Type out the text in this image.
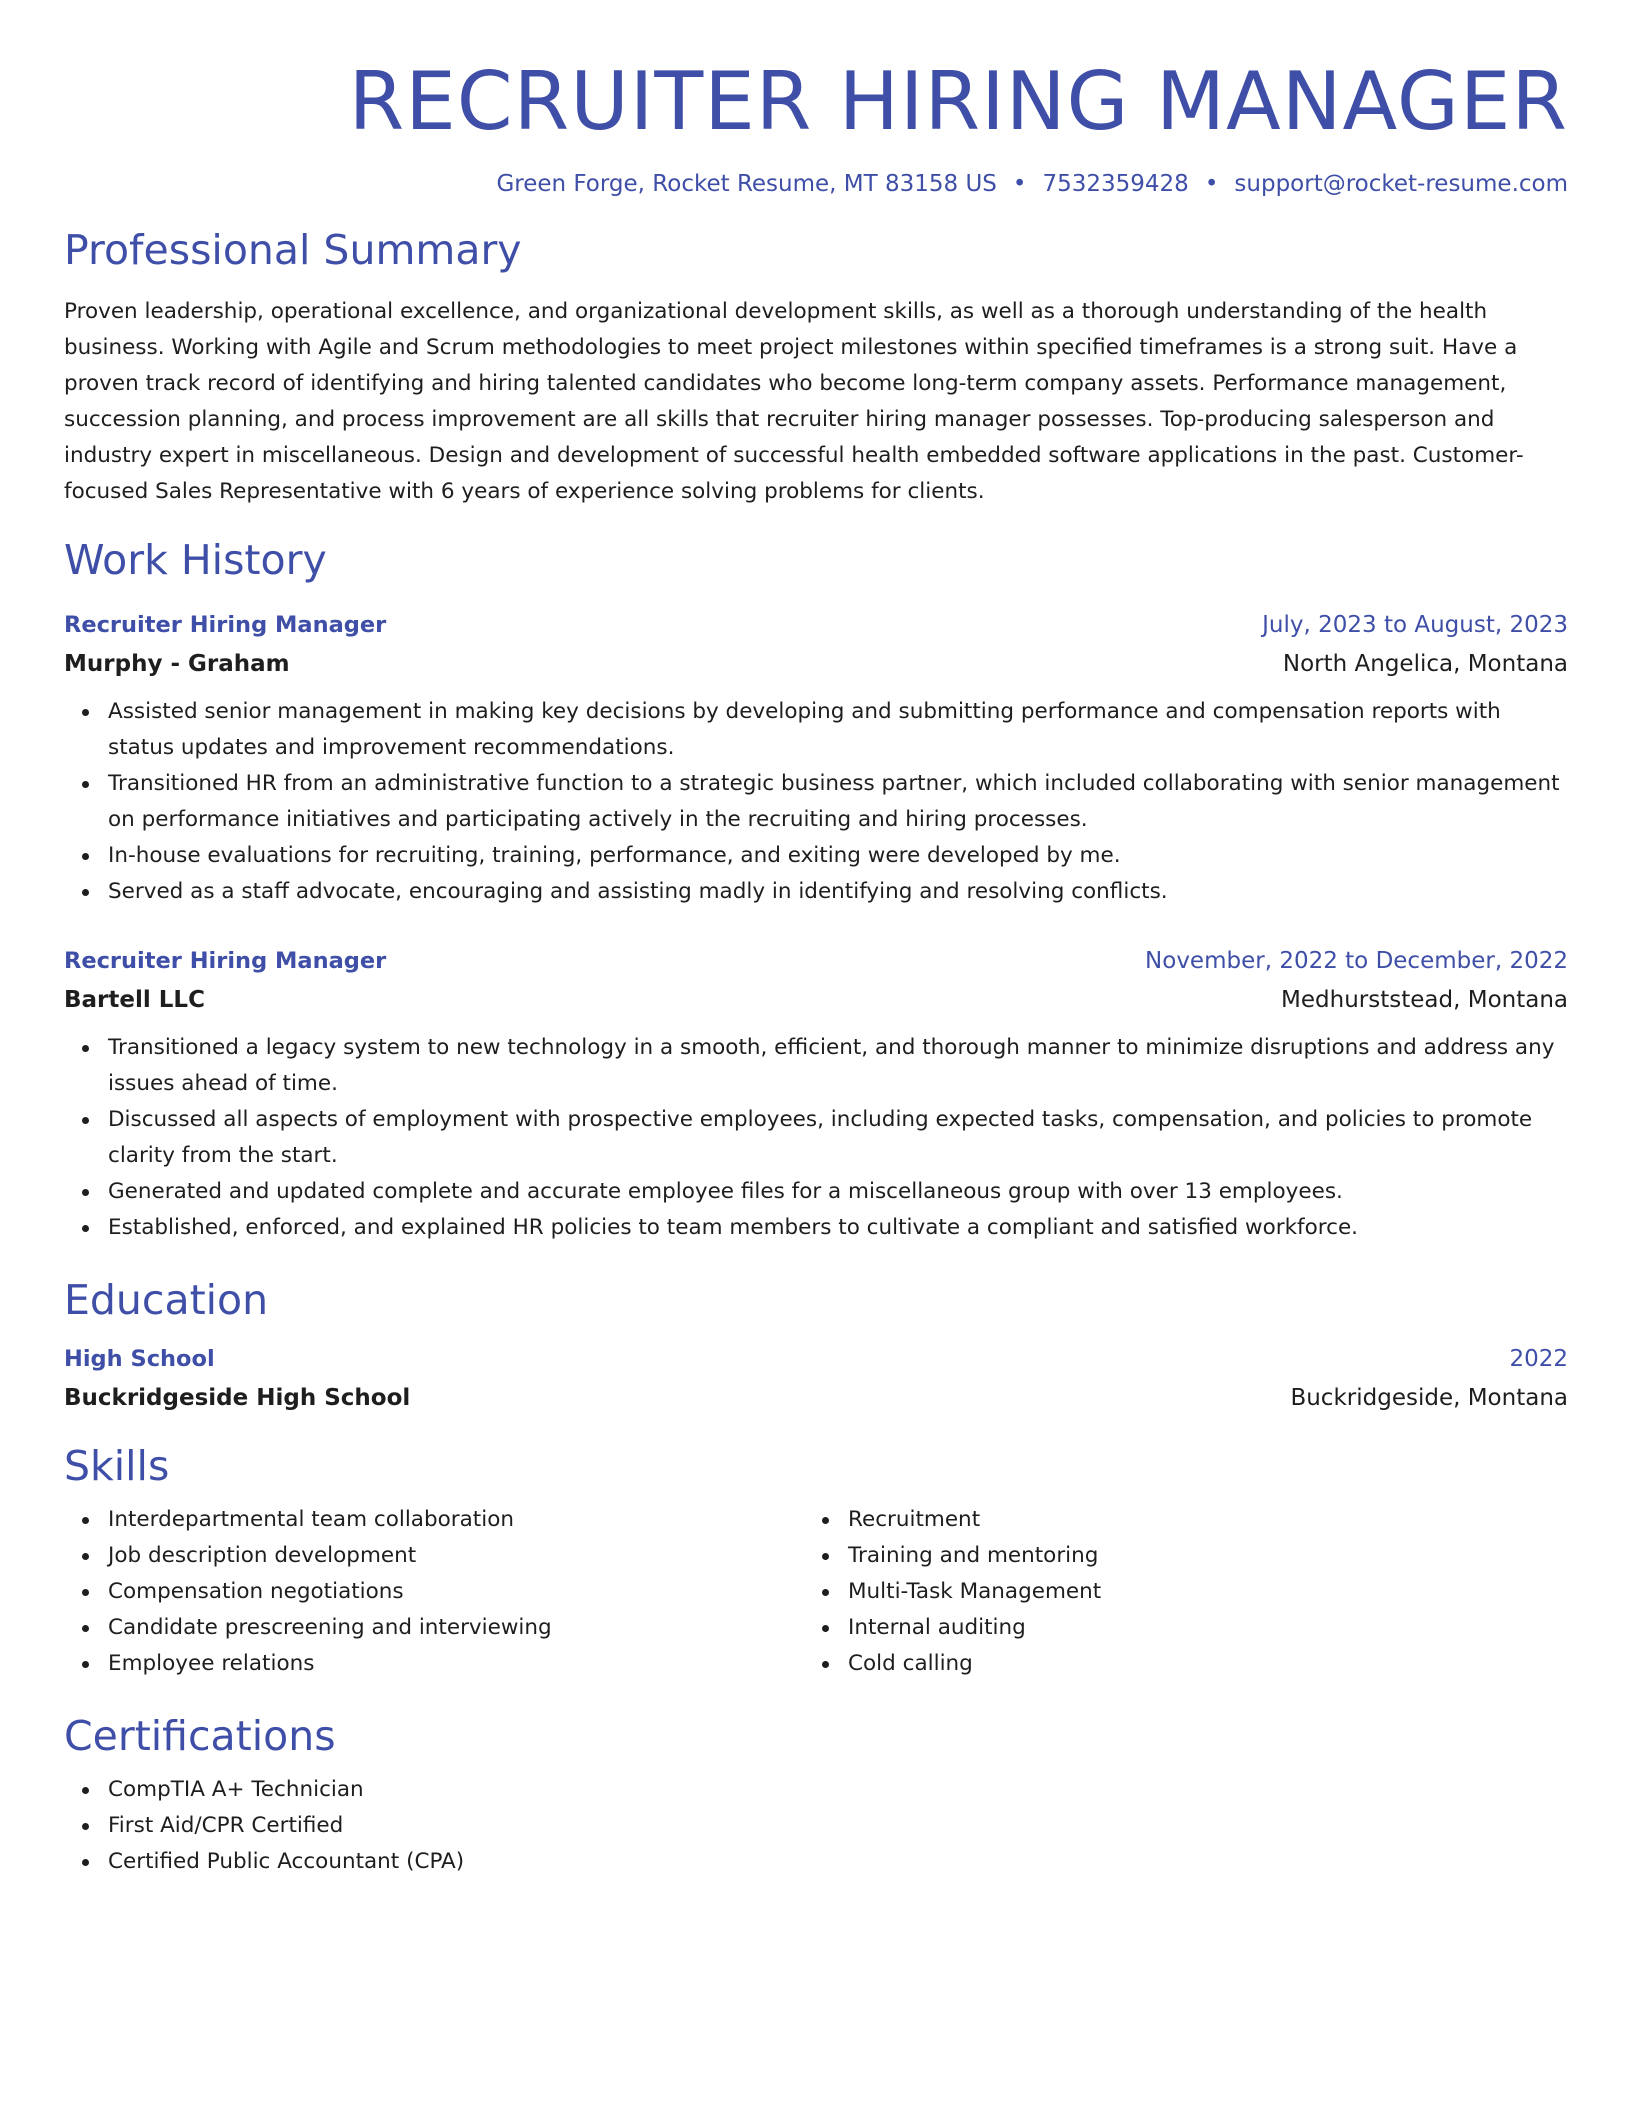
RECRUITER HIRING MANAGER
Green Forge, Rocket Resume, MT 83158 US • 7532359428 • support@rocket-resume.com
Professional Summary

Proven leadership, operational excellence, and organizational development skills, as well as a thorough understanding of the health business. Working with Agile and Scrum methodologies to meet project milestones within specified timeframes is a strong suit. Have a proven track record of identifying and hiring talented candidates who become long-term company assets. Performance management, succession planning, and process improvement are all skills that recruiter hiring manager possesses. Top-producing salesperson and industry expert in miscellaneous. Design and development of successful health embedded software applications in the past. Customer-focused Sales Representative with 6 years of experience solving problems for clients.

Work History
Recruiter Hiring Manager	July, 2023 to August, 2023
Murphy - Graham	North Angelica, Montana
Assisted senior management in making key decisions by developing and submitting performance and compensation reports with status updates and improvement recommendations.
Transitioned HR from an administrative function to a strategic business partner, which included collaborating with senior management on performance initiatives and participating actively in the recruiting and hiring processes.
In-house evaluations for recruiting, training, performance, and exiting were developed by me.
Served as a staff advocate, encouraging and assisting madly in identifying and resolving conflicts.
Recruiter Hiring Manager	November, 2022 to December, 2022
Bartell LLC	Medhurststead, Montana
Transitioned a legacy system to new technology in a smooth, efficient, and thorough manner to minimize disruptions and address any issues ahead of time.
Discussed all aspects of employment with prospective employees, including expected tasks, compensation, and policies to promote clarity from the start.
Generated and updated complete and accurate employee files for a miscellaneous group with over 13 employees.
Established, enforced, and explained HR policies to team members to cultivate a compliant and satisfied workforce.
Education
High School	2022
Buckridgeside High School	Buckridgeside, Montana
Skills
Interdepartmental team collaboration
Job description development
Compensation negotiations
Candidate prescreening and interviewing
Employee relations
Recruitment
Training and mentoring
Multi-Task Management
Internal auditing
Cold calling
Certifications
CompTIA A+ Technician
First Aid/CPR Certified
Certified Public Accountant (CPA)
